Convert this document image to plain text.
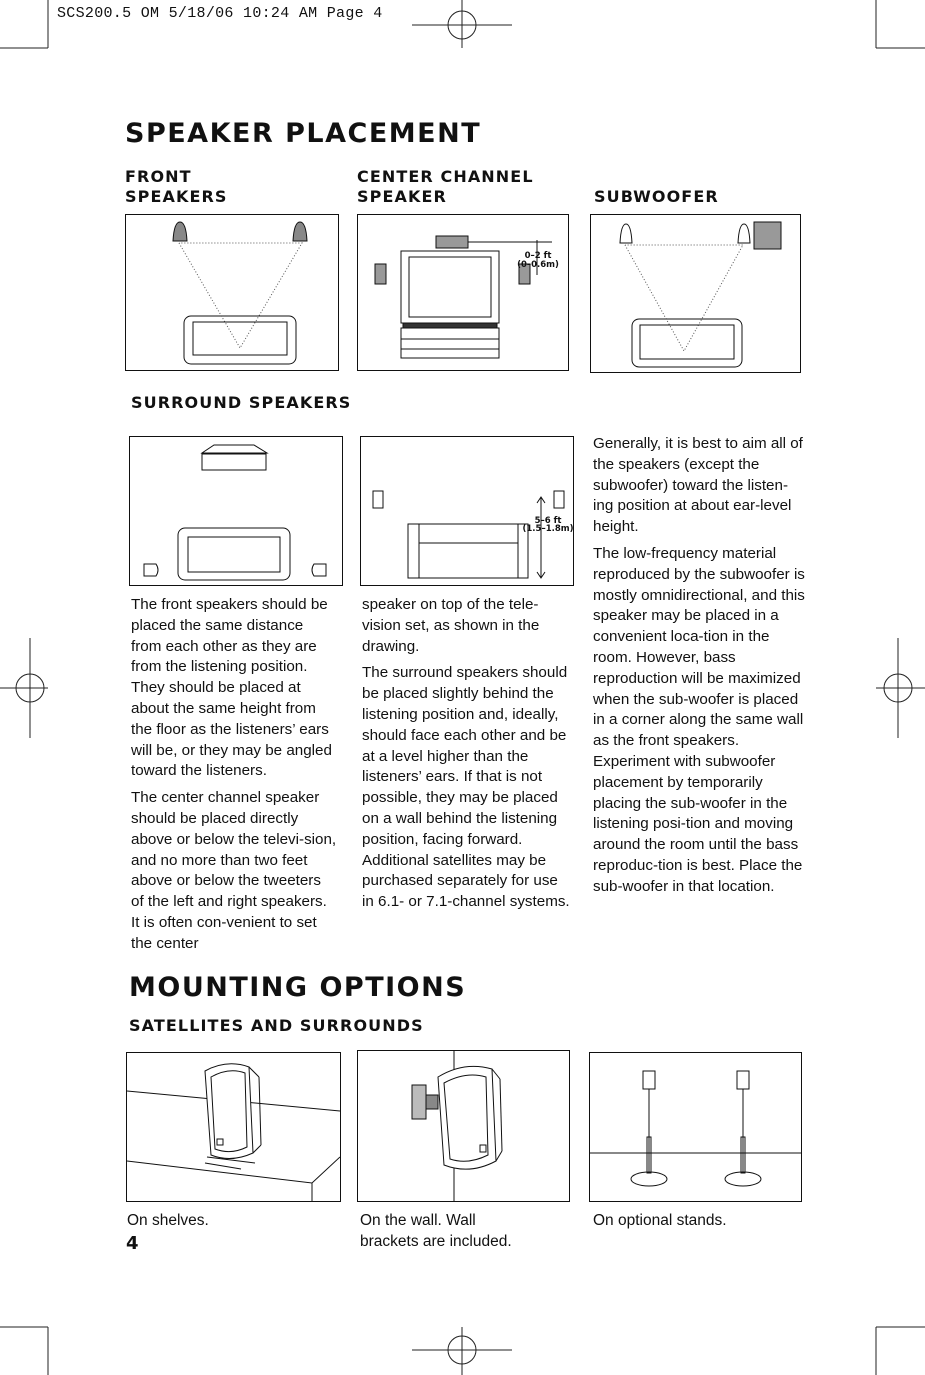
SCS200.5 OM 5/18/06 10:24 AM Page 4
SPEAKER PLACEMENT
FRONT
SPEAKERS
CENTER CHANNEL
SPEAKER	SUBWOOFER
0–2 ft
(0–0.6m)
SURROUND SPEAKERS
5–6 ft
(1.5–1.8m)

The front speakers should be placed the same distance from each other as they are from the listening position. They should be placed at about the same height from the floor as the listeners’ ears will be, or they may be angled toward the listeners.

The center channel speaker should be placed directly above or below the televi-sion, and no more than two feet above or below the tweeters of the left and right speakers. It is often con-venient to set the center

speaker on top of the tele-vision set, as shown in the drawing.

The surround speakers should be placed slightly behind the listening position and, ideally, should face each other and be at a level higher than the listeners’ ears. If that is not possible, they may be placed on a wall behind the listening position, facing forward. Additional satellites may be purchased separately for use in 6.1- or 7.1-channel systems.

Generally, it is best to aim all of the speakers (except the subwoofer) toward the listen-ing position at about ear-level height.

The low-frequency material reproduced by the subwoofer is mostly omnidirectional, and this speaker may be placed in a convenient loca-tion in the room. However, bass reproduction will be maximized when the sub-woofer is placed in a corner along the same wall as the front speakers. Experiment with subwoofer placement by temporarily placing the sub-woofer in the listening posi-tion and moving around the room until the bass reproduc-tion is best. Place the sub-woofer in that location.

MOUNTING OPTIONS
SATELLITES AND SURROUNDS
On shelves.	On the wall. Wall
brackets are included.
On optional stands.
4
